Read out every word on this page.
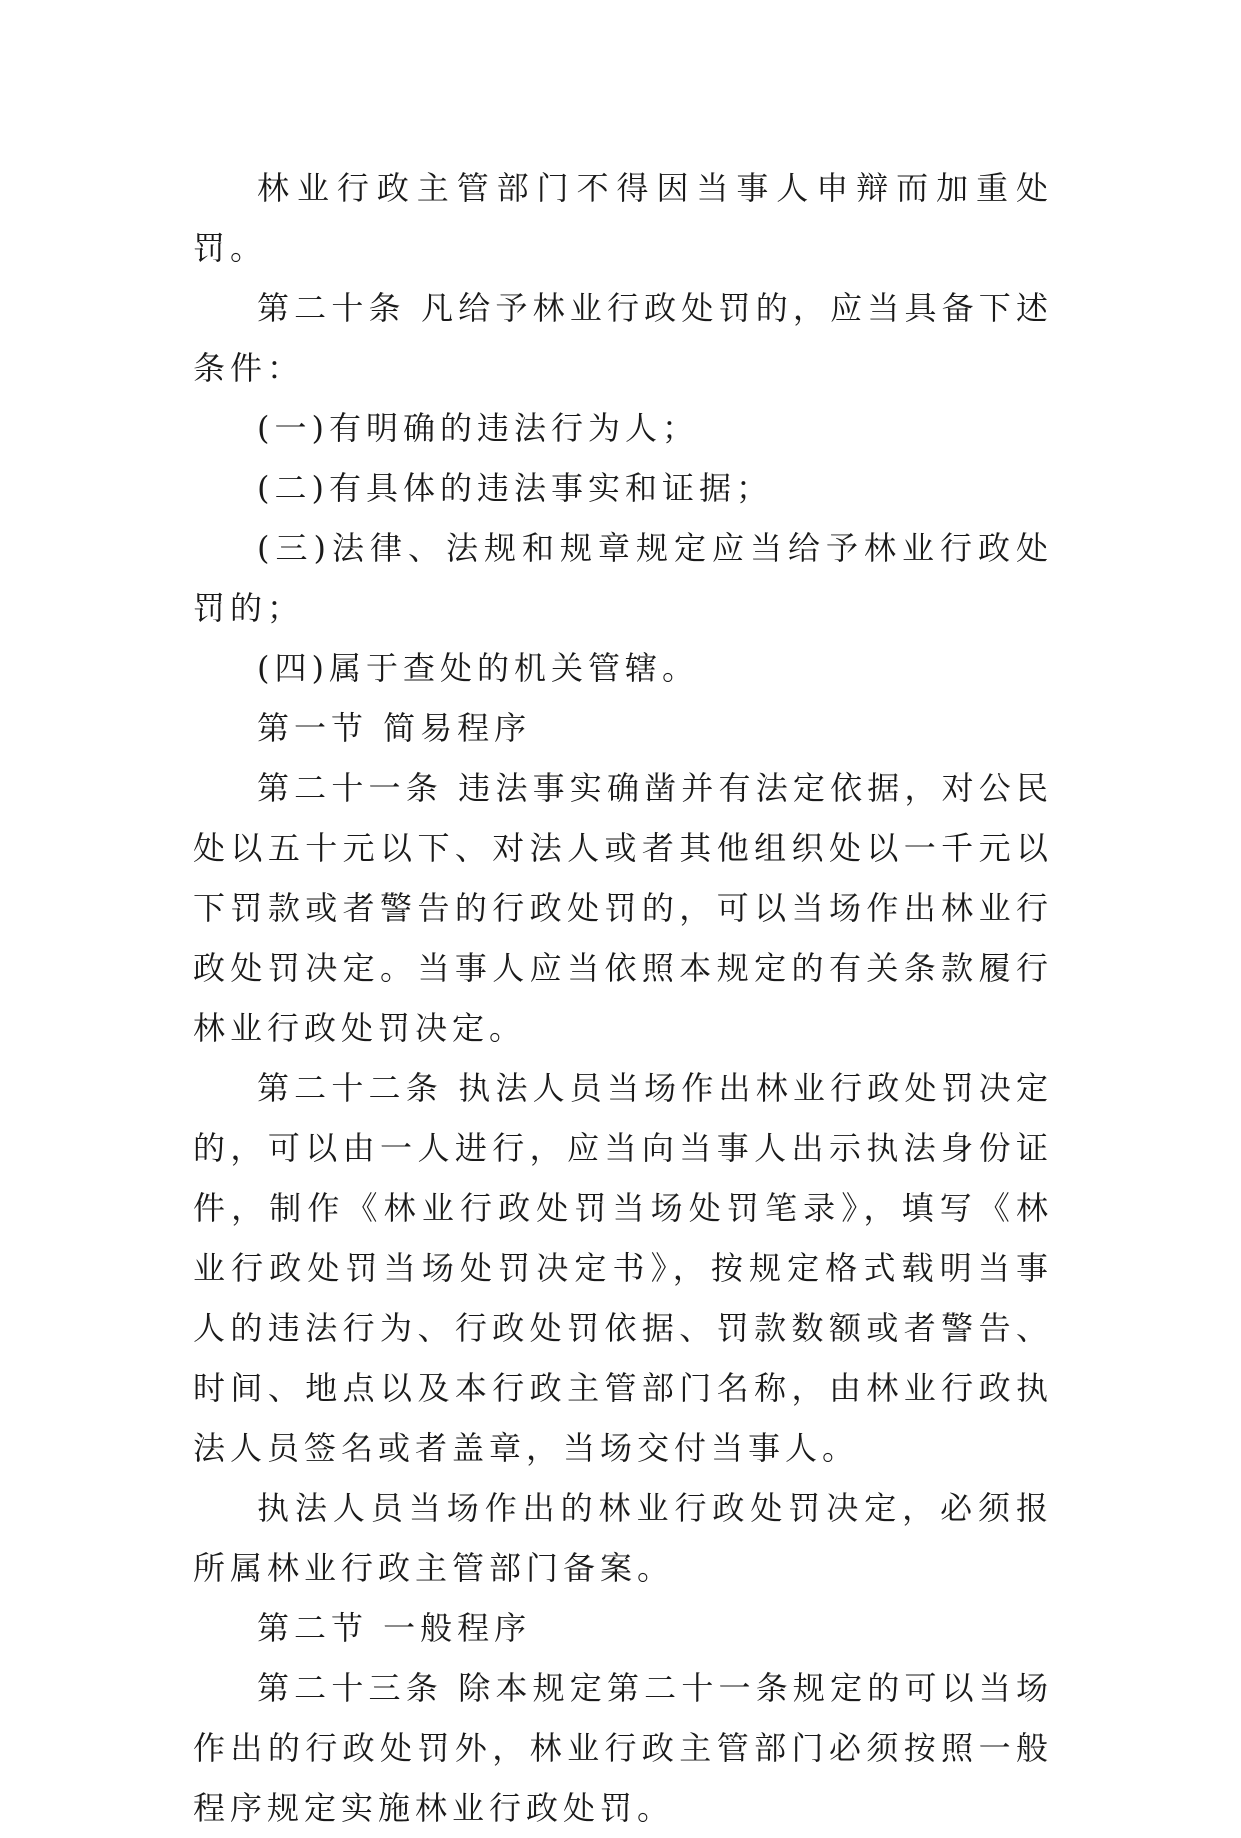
林业行政主管部门不得因当事人申辩而加重处罚。

第二十条 凡给予林业行政处罚的，应当具备下述条件：

(一)有明确的违法行为人；

(二)有具体的违法事实和证据；

(三)法律、法规和规章规定应当给予林业行政处罚的；

(四)属于查处的机关管辖。

第一节 简易程序

第二十一条 违法事实确凿并有法定依据，对公民处以五十元以下、对法人或者其他组织处以一千元以下罚款或者警告的行政处罚的，可以当场作出林业行政处罚决定。当事人应当依照本规定的有关条款履行林业行政处罚决定。

第二十二条 执法人员当场作出林业行政处罚决定的，可以由一人进行，应当向当事人出示执法身份证件，制作《林业行政处罚当场处罚笔录》，填写《林业行政处罚当场处罚决定书》，按规定格式载明当事人的违法行为、行政处罚依据、罚款数额或者警告、时间、地点以及本行政主管部门名称，由林业行政执法人员签名或者盖章，当场交付当事人。

执法人员当场作出的林业行政处罚决定，必须报所属林业行政主管部门备案。

第二节 一般程序

第二十三条 除本规定第二十一条规定的可以当场作出的行政处罚外，林业行政主管部门必须按照一般程序规定实施林业行政处罚。
